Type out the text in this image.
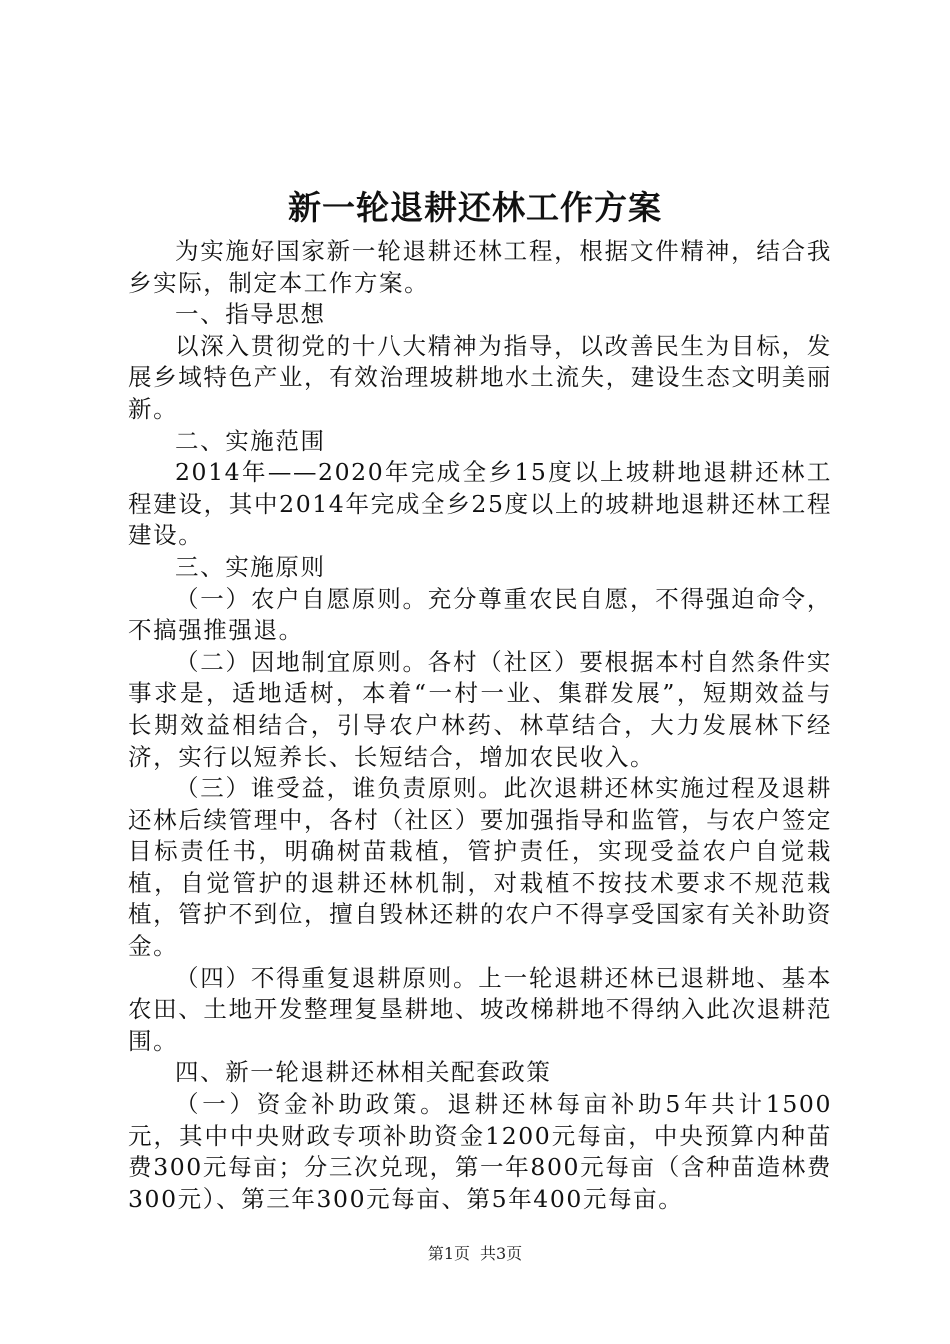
新一轮退耕还林工作方案

为实施好国家新一轮退耕还林工程，根据文件精神，结合我乡实际，制定本工作方案。

一、指导思想

以深入贯彻党的十八大精神为指导，以改善民生为目标，发展乡域特色产业，有效治理坡耕地水土流失，建设生态文明美丽新。

二、实施范围

2014年——2020年完成全乡15度以上坡耕地退耕还林工程建设，其中2014年完成全乡25度以上的坡耕地退耕还林工程建设。

三、实施原则

（一）农户自愿原则。充分尊重农民自愿，不得强迫命令，不搞强推强退。

（二）因地制宜原则。各村（社区）要根据本村自然条件实事求是，适地适树，本着“一村一业、集群发展”，短期效益与长期效益相结合，引导农户林药、林草结合，大力发展林下经济，实行以短养长、长短结合，增加农民收入。

（三）谁受益，谁负责原则。此次退耕还林实施过程及退耕还林后续管理中，各村（社区）要加强指导和监管，与农户签定目标责任书，明确树苗栽植，管护责任，实现受益农户自觉栽植，自觉管护的退耕还林机制，对栽植不按技术要求不规范栽植，管护不到位，擅自毁林还耕的农户不得享受国家有关补助资金。

（四）不得重复退耕原则。上一轮退耕还林已退耕地、基本农田、土地开发整理复垦耕地、坡改梯耕地不得纳入此次退耕范围。

四、新一轮退耕还林相关配套政策

（一）资金补助政策。退耕还林每亩补助5年共计1500元，其中中央财政专项补助资金1200元每亩，中央预算内种苗费300元每亩；分三次兑现，第一年800元每亩（含种苗造林费300元）、第三年300元每亩、第5年400元每亩。

第1页 共3页
